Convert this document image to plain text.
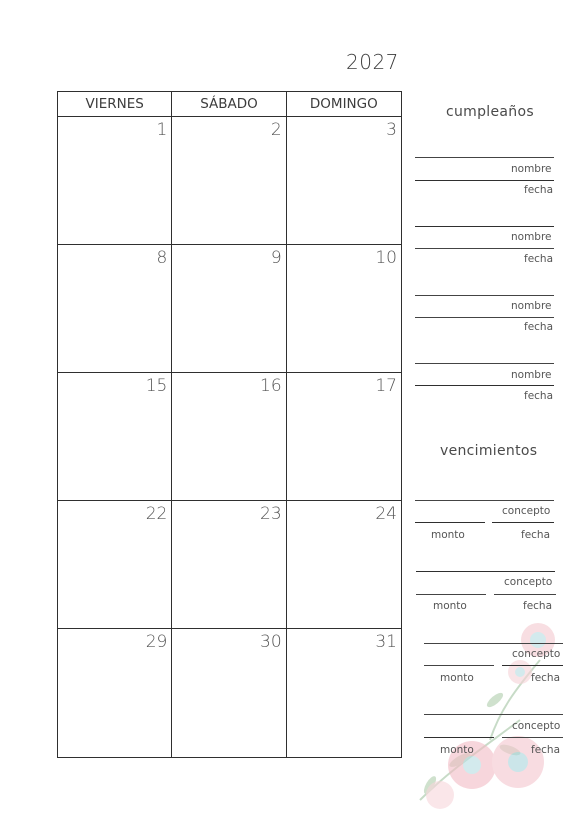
2027
VIERNES	SÁBADO	DOMINGO
1	2	3
8	9	10
15	16	17
22	23	24
29	30	31
cumpleaños
nombre
fecha
nombre
fecha
nombre
fecha
nombre
fecha
vencimientos
concepto
monto	fecha
concepto
monto	fecha
concepto
monto	fecha
concepto
monto	fecha
